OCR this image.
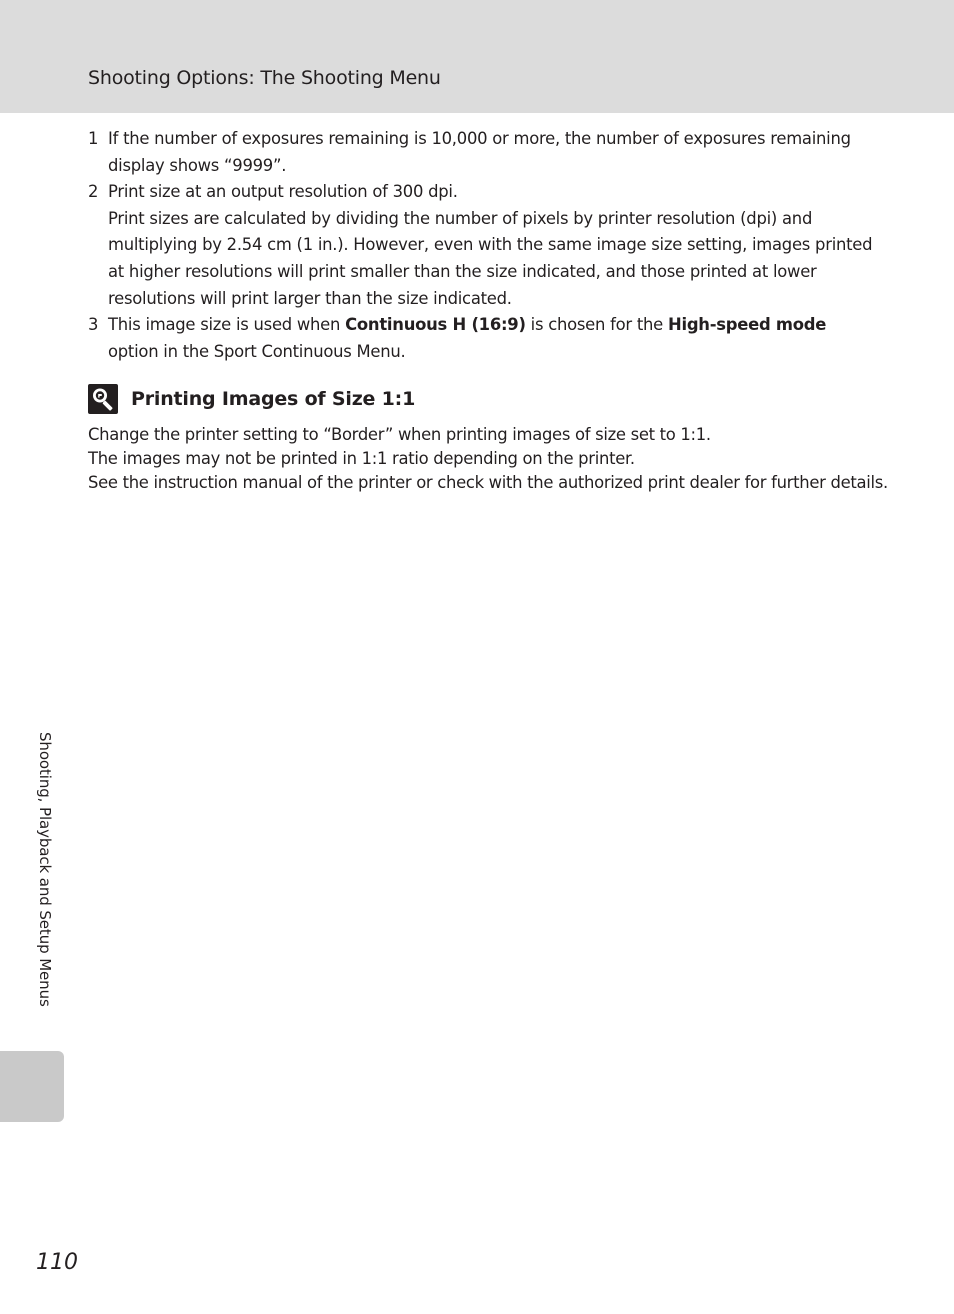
Shooting Options: The Shooting Menu
1 If the number of exposures remaining is 10,000 or more, the number of exposures remaining display shows “9999”.
2 Print size at an output resolution of 300 dpi.
Print sizes are calculated by dividing the number of pixels by printer resolution (dpi) and multiplying by 2.54 cm (1 in.). However, even with the same image size setting, images printed at higher resolutions will print smaller than the size indicated, and those printed at lower resolutions will print larger than the size indicated.
3 This image size is used when Continuous H (16:9) is chosen for the High-speed mode option in the Sport Continuous Menu.
Printing Images of Size 1:1
Change the printer setting to “Border” when printing images of size set to 1:1.
The images may not be printed in 1:1 ratio depending on the printer.
See the instruction manual of the printer or check with the authorized print dealer for further details.
Shooting, Playback and Setup Menus
110
